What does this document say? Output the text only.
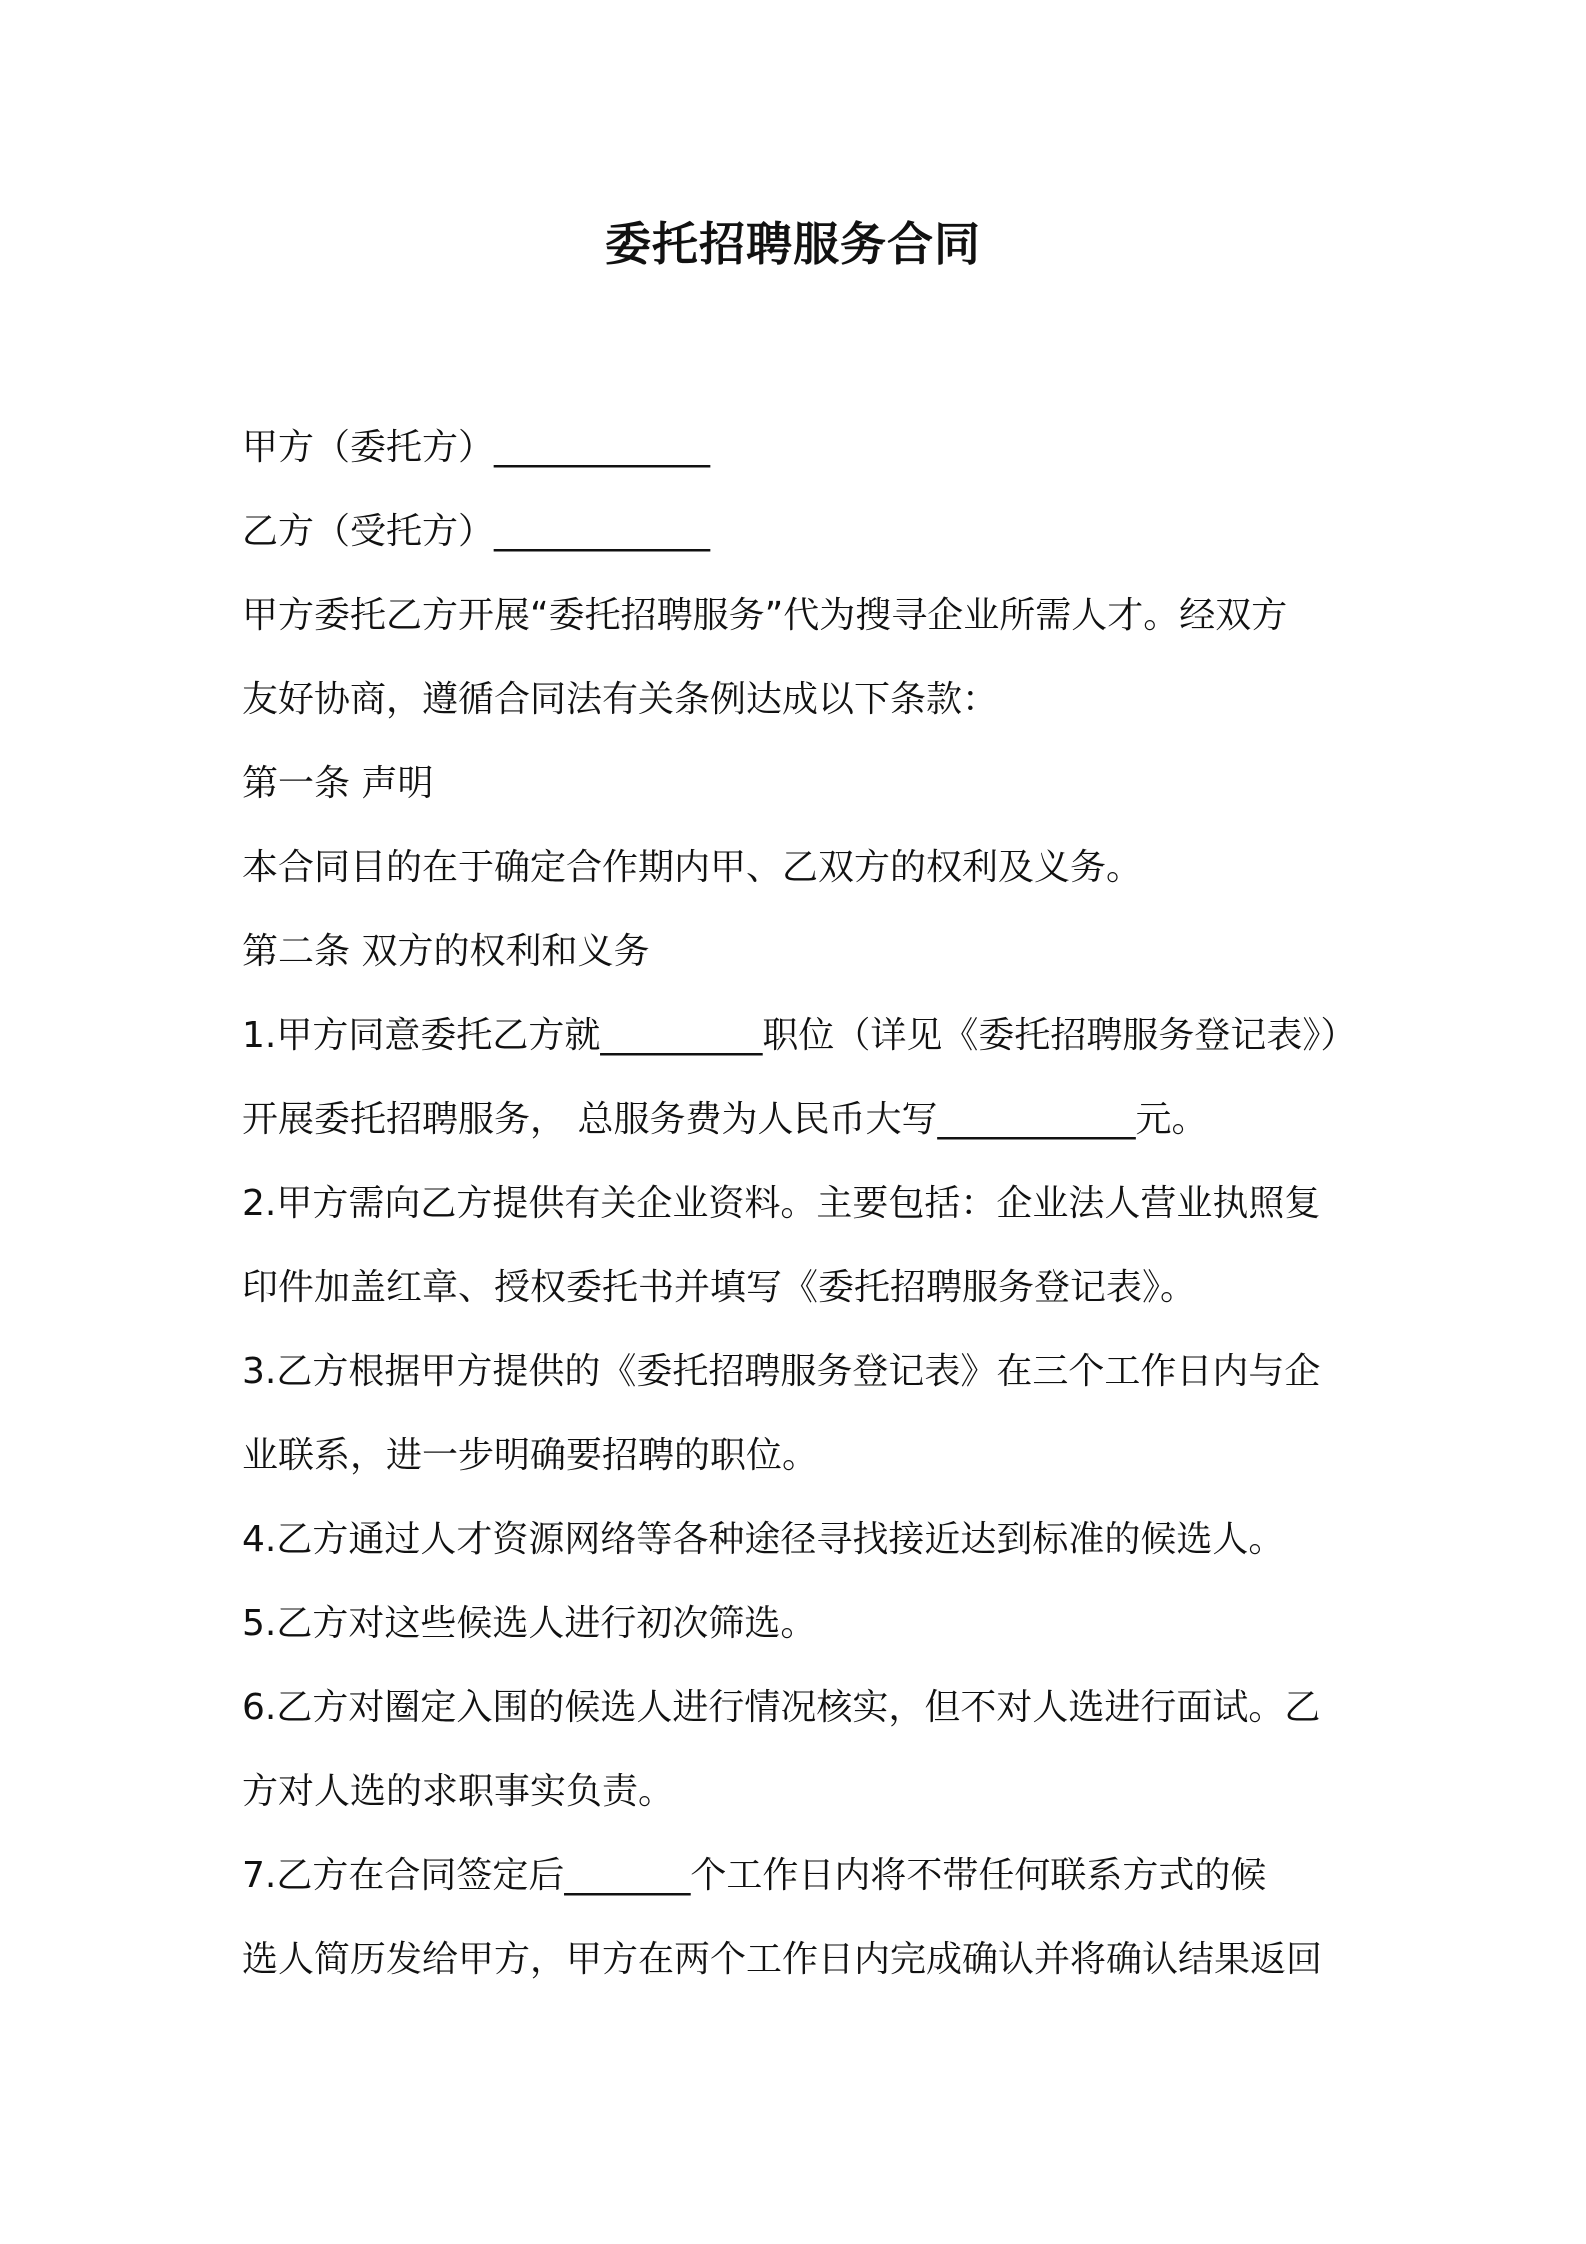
委托招聘服务合同
甲方（委托方）____________
乙方（受托方）____________
甲方委托乙方开展“委托招聘服务”代为搜寻企业所需人才。经双方
友好协商，遵循合同法有关条例达成以下条款：
第一条 声明
本合同目的在于确定合作期内甲、乙双方的权利及义务。
第二条 双方的权利和义务
1.甲方同意委托乙方就_________职位（详见《委托招聘服务登记表》）
开展委托招聘服务， 总服务费为人民币大写___________元。
2.甲方需向乙方提供有关企业资料。主要包括：企业法人营业执照复
印件加盖红章、授权委托书并填写《委托招聘服务登记表》。
3.乙方根据甲方提供的《委托招聘服务登记表》在三个工作日内与企
业联系，进一步明确要招聘的职位。
4.乙方通过人才资源网络等各种途径寻找接近达到标准的候选人。
5.乙方对这些候选人进行初次筛选。
6.乙方对圈定入围的候选人进行情况核实，但不对人选进行面试。乙
方对人选的求职事实负责。
7.乙方在合同签定后_______个工作日内将不带任何联系方式的候
选人简历发给甲方，甲方在两个工作日内完成确认并将确认结果返回
